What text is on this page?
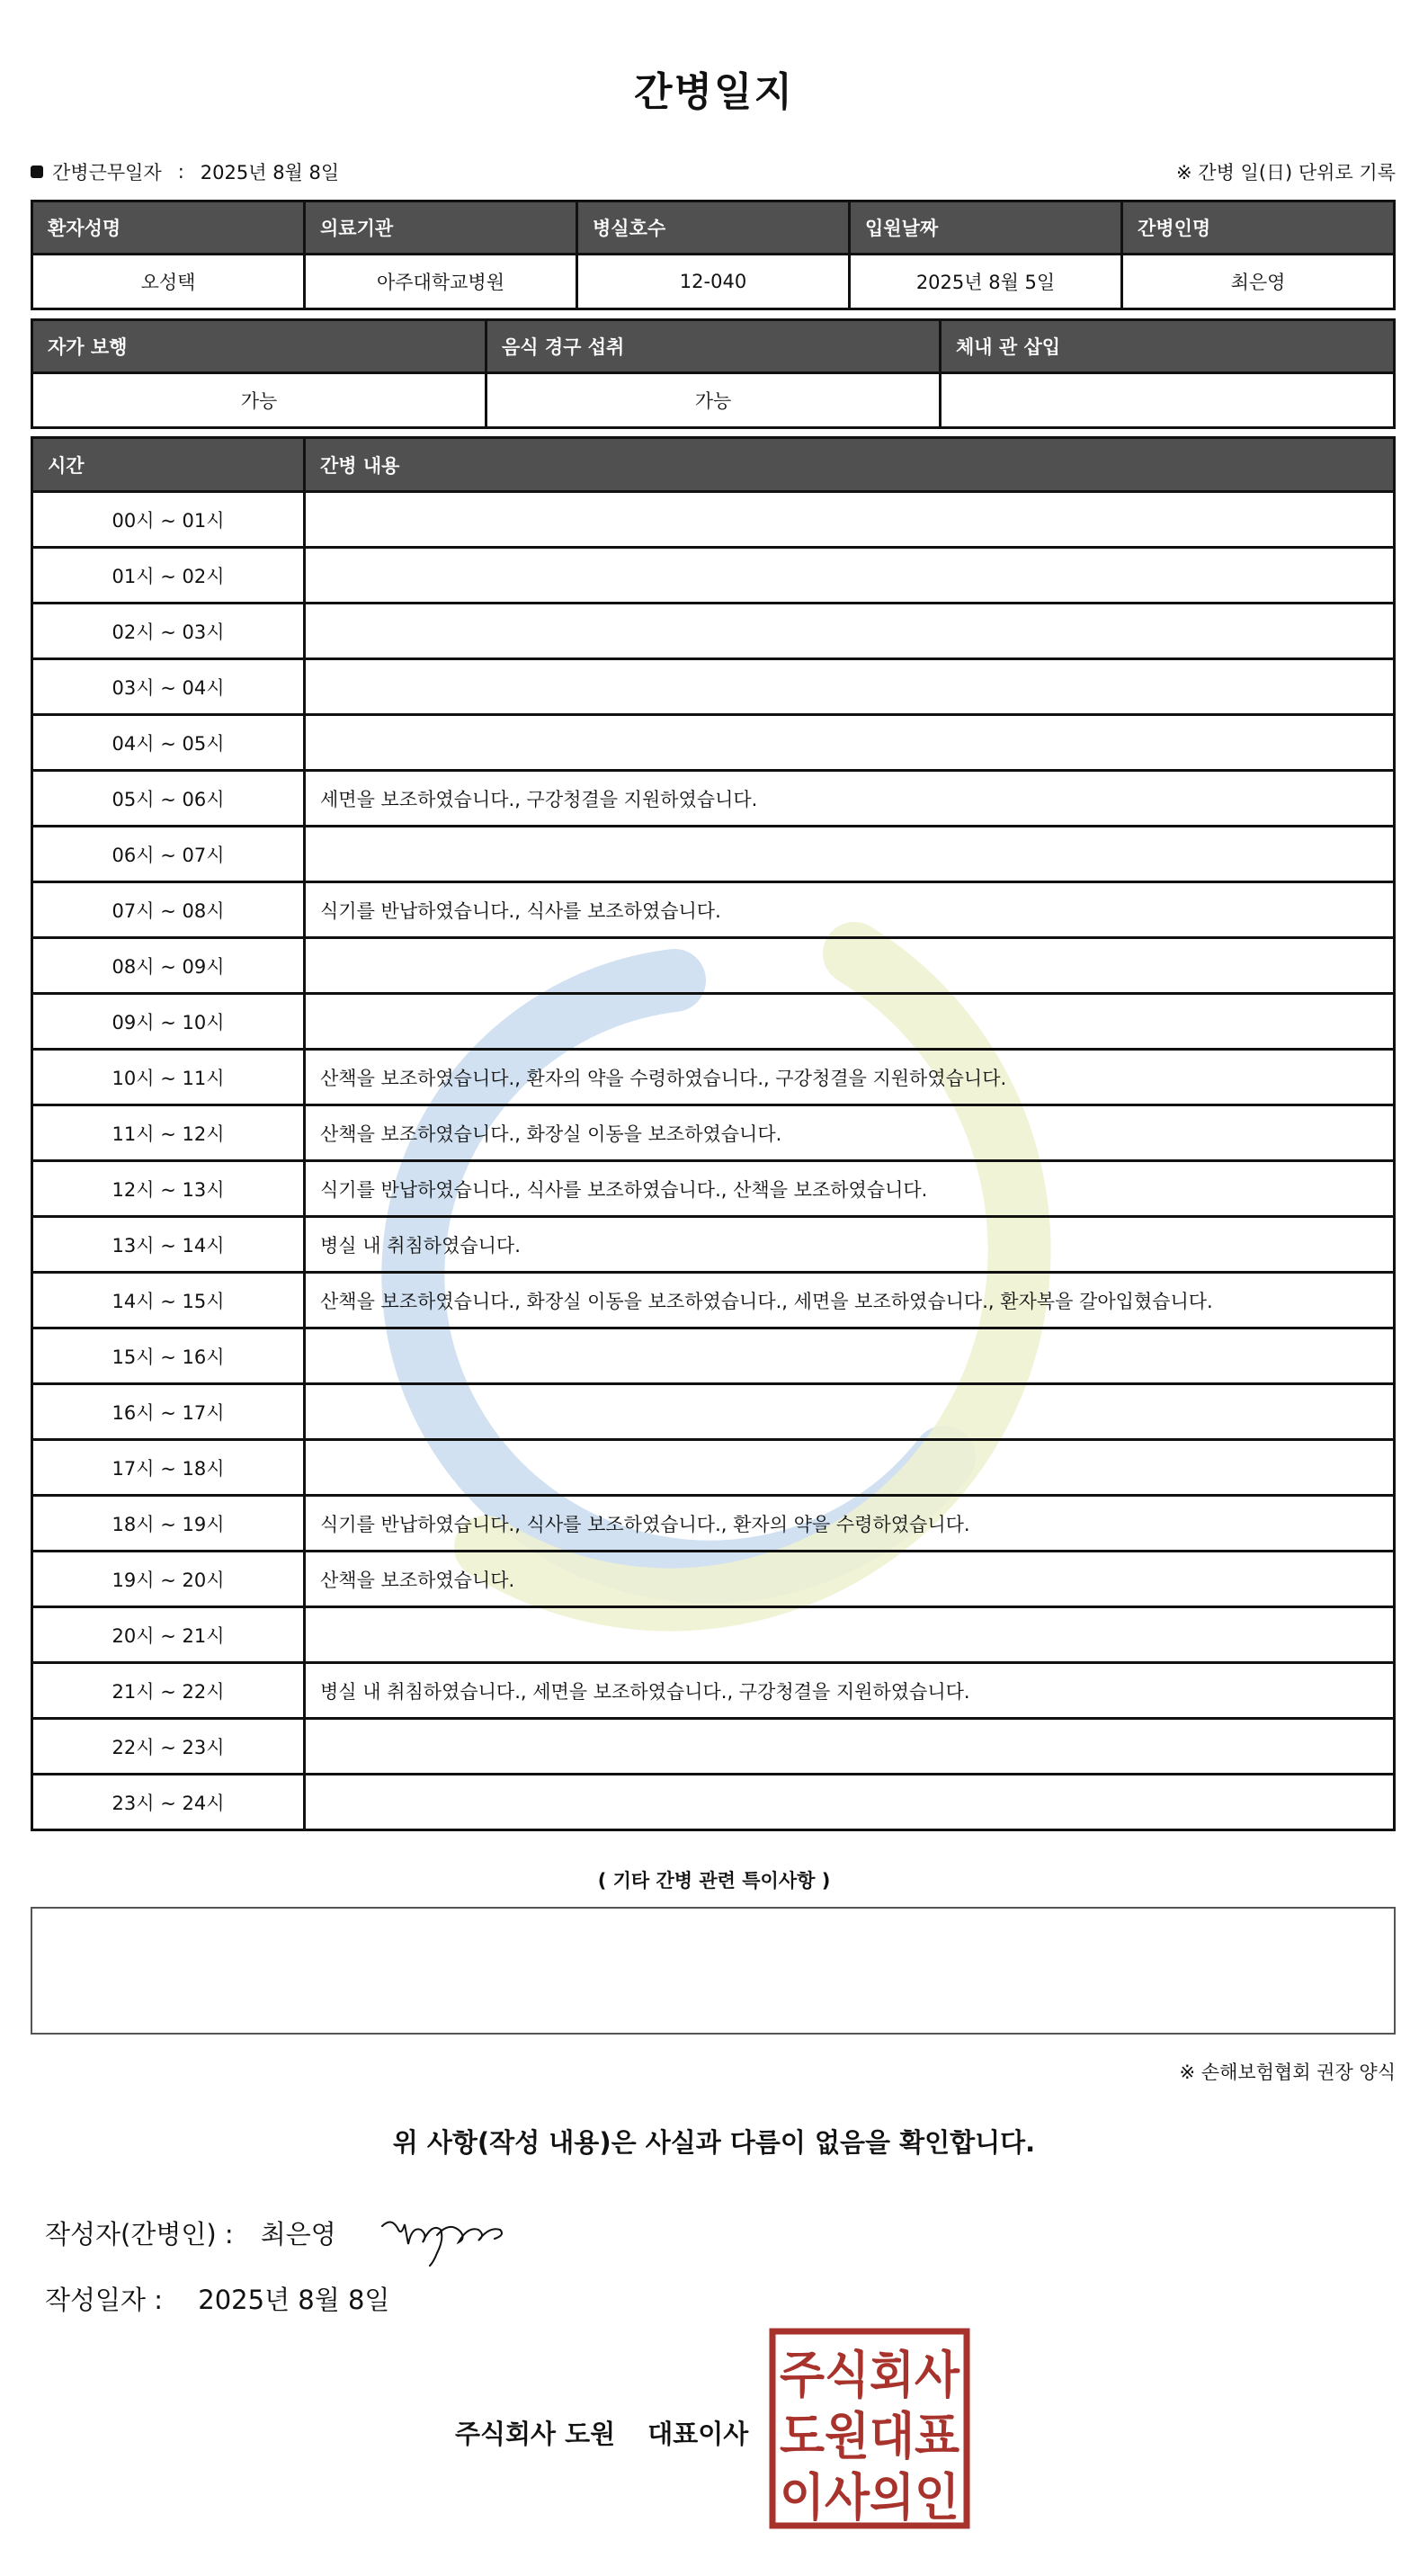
간병일지
간병근무일자 : 2025년 8월 8일	※ 간병 일(日) 단위로 기록
환자성명	의료기관	병실호수	입원날짜	간병인명
오성택	아주대학교병원	12-040	2025년 8월 5일	최은영
자가 보행	음식 경구 섭취	체내 관 삽입
가능	가능	
시간	간병 내용
00시 ~ 01시	
01시 ~ 02시	
02시 ~ 03시	
03시 ~ 04시	
04시 ~ 05시	
05시 ~ 06시	세면을 보조하였습니다., 구강청결을 지원하였습니다.
06시 ~ 07시	
07시 ~ 08시	식기를 반납하였습니다., 식사를 보조하였습니다.
08시 ~ 09시	
09시 ~ 10시	
10시 ~ 11시	산책을 보조하였습니다., 환자의 약을 수령하였습니다., 구강청결을 지원하였습니다.
11시 ~ 12시	산책을 보조하였습니다., 화장실 이동을 보조하였습니다.
12시 ~ 13시	식기를 반납하였습니다., 식사를 보조하였습니다., 산책을 보조하였습니다.
13시 ~ 14시	병실 내 취침하였습니다.
14시 ~ 15시	산책을 보조하였습니다., 화장실 이동을 보조하였습니다., 세면을 보조하였습니다., 환자복을 갈아입혔습니다.
15시 ~ 16시	
16시 ~ 17시	
17시 ~ 18시	
18시 ~ 19시	식기를 반납하였습니다., 식사를 보조하였습니다., 환자의 약을 수령하였습니다.
19시 ~ 20시	산책을 보조하였습니다.
20시 ~ 21시	
21시 ~ 22시	병실 내 취침하였습니다., 세면을 보조하였습니다., 구강청결을 지원하였습니다.
22시 ~ 23시	
23시 ~ 24시	
( 기타 간병 관련 특이사항 )
※ 손해보험협회 권장 양식
위 사항(작성 내용)은 사실과 다름이 없음을 확인합니다.
작성자(간병인) : 최은영
작성일자 : 2025년 8월 8일
주식회사 도원 대표이사
주식회사
도원대표
이사의인
